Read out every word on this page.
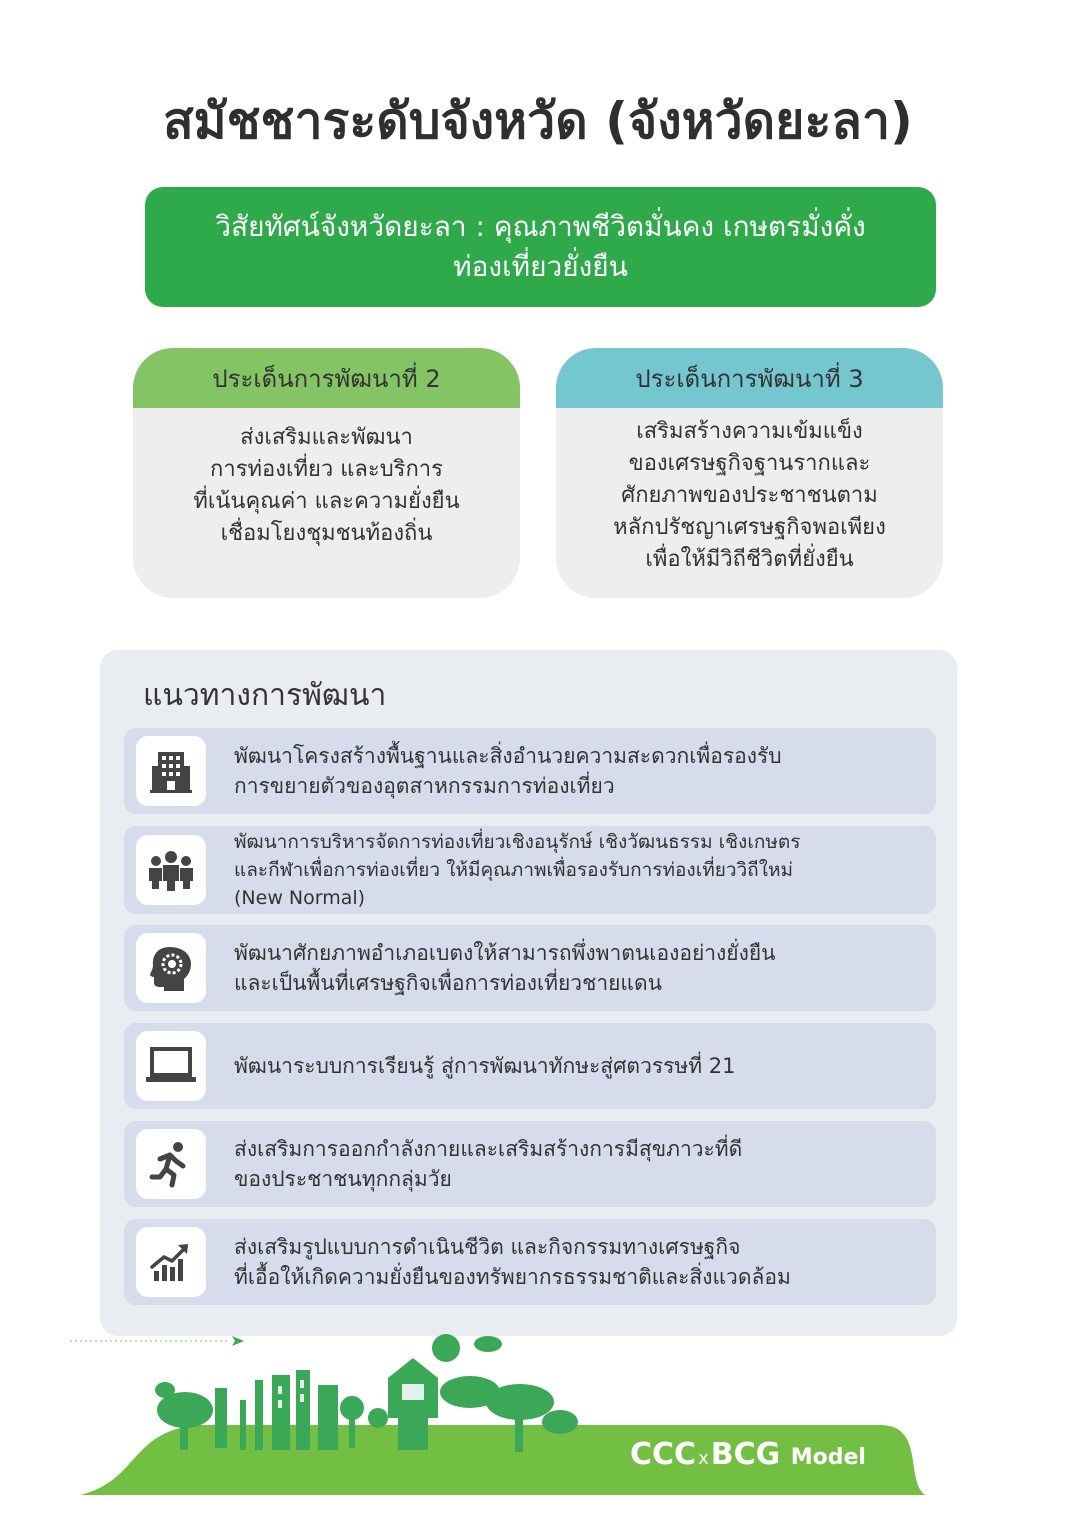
สมัชชาระดับจังหวัด (จังหวัดยะลา)
วิสัยทัศน์จังหวัดยะลา : คุณภาพชีวิตมั่นคง เกษตรมั่งคั่ง
ท่องเที่ยวยั่งยืน
ประเด็นการพัฒนาที่ 2
ส่งเสริมและพัฒนา
การท่องเที่ยว และบริการ
ที่เน้นคุณค่า และความยั่งยืน
เชื่อมโยงชุมชนท้องถิ่น
ประเด็นการพัฒนาที่ 3
เสริมสร้างความเข้มแข็ง
ของเศรษฐกิจฐานรากและ
ศักยภาพของประชาชนตาม
หลักปรัชญาเศรษฐกิจพอเพียง
เพื่อให้มีวิถีชีวิตที่ยั่งยืน
แนวทางการพัฒนา
พัฒนาโครงสร้างพื้นฐานและสิ่งอำนวยความสะดวกเพื่อรองรับ
การขยายตัวของอุตสาหกรรมการท่องเที่ยว
พัฒนาการบริหารจัดการท่องเที่ยวเชิงอนุรักษ์ เชิงวัฒนธรรม เชิงเกษตร
และกีฬาเพื่อการท่องเที่ยว ให้มีคุณภาพเพื่อรองรับการท่องเที่ยววิถีใหม่
(New Normal)
พัฒนาศักยภาพอำเภอเบตงให้สามารถพึ่งพาตนเองอย่างยั่งยืน
และเป็นพื้นที่เศรษฐกิจเพื่อการท่องเที่ยวชายแดน
พัฒนาระบบการเรียนรู้ สู่การพัฒนาทักษะสู่ศตวรรษที่ 21
ส่งเสริมการออกกำลังกายและเสริมสร้างการมีสุขภาวะที่ดี
ของประชาชนทุกกลุ่มวัย
ส่งเสริมรูปแบบการดำเนินชีวิต และกิจกรรมทางเศรษฐกิจ
ที่เอื้อให้เกิดความยั่งยืนของทรัพยากรธรรมชาติและสิ่งแวดล้อม
CCC xBCG Model
